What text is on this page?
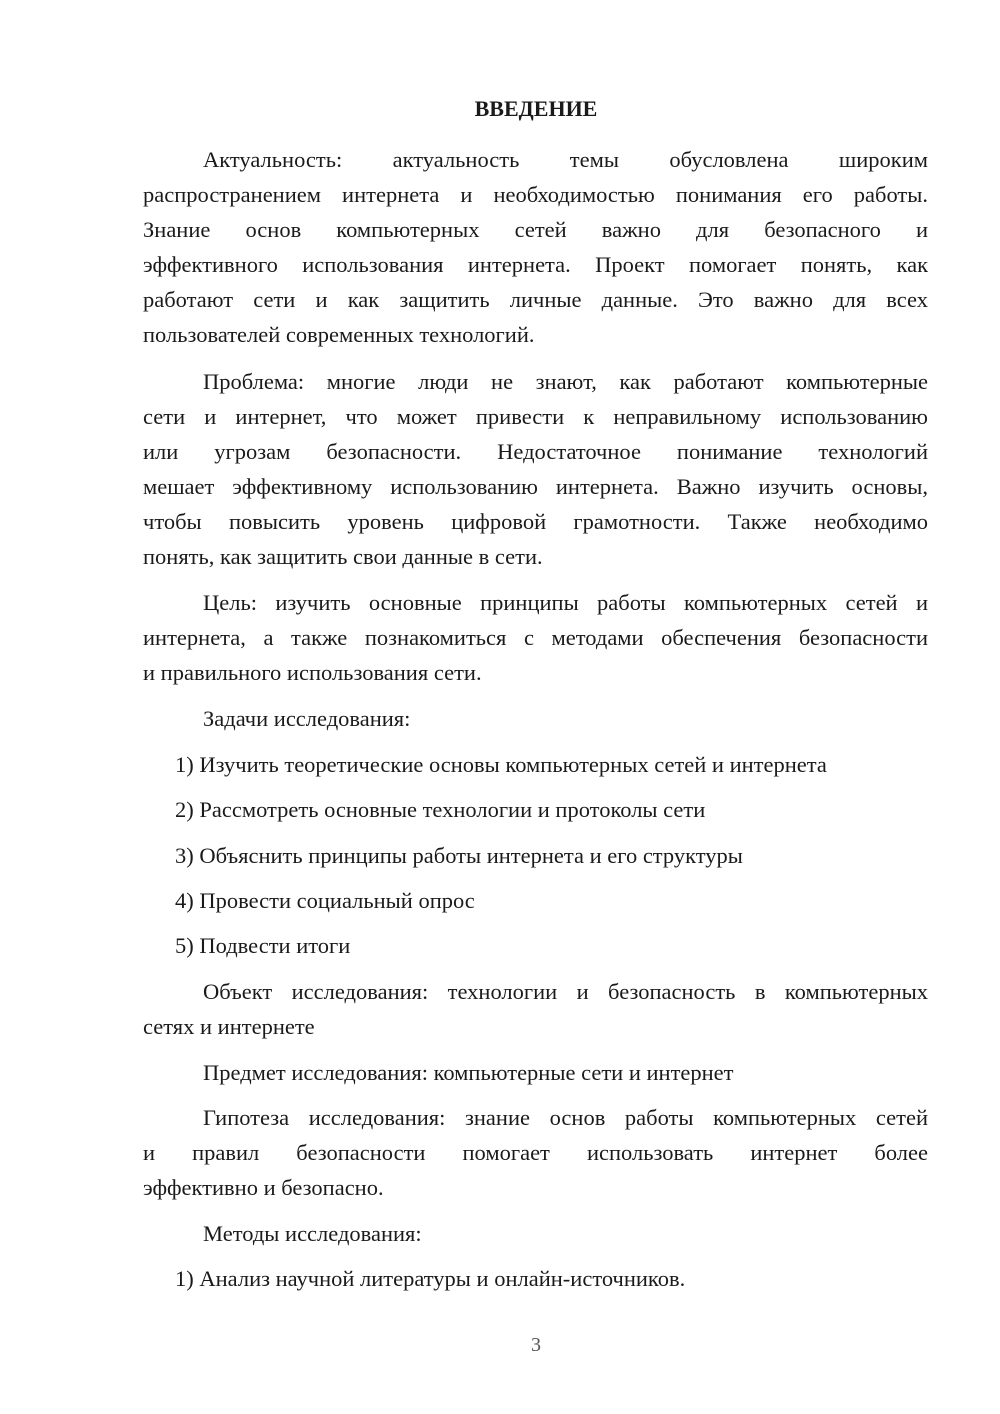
ВВЕДЕНИЕ
Актуальность: актуальность темы обусловлена широким
распространением интернета и необходимостью понимания его работы.
Знание основ компьютерных сетей важно для безопасного и
эффективного использования интернета. Проект помогает понять, как
работают сети и как защитить личные данные. Это важно для всех
пользователей современных технологий.
Проблема: многие люди не знают, как работают компьютерные
сети и интернет, что может привести к неправильному использованию
или угрозам безопасности. Недостаточное понимание технологий
мешает эффективному использованию интернета. Важно изучить основы,
чтобы повысить уровень цифровой грамотности. Также необходимо
понять, как защитить свои данные в сети.
Цель: изучить основные принципы работы компьютерных сетей и
интернета, а также познакомиться с методами обеспечения безопасности
и правильного использования сети.
Задачи исследования:
1) Изучить теоретические основы компьютерных сетей и интернета
2) Рассмотреть основные технологии и протоколы сети
3) Объяснить принципы работы интернета и его структуры
4) Провести социальный опрос
5) Подвести итоги
Объект исследования: технологии и безопасность в компьютерных
сетях и интернете
Предмет исследования: компьютерные сети и интернет
Гипотеза исследования: знание основ работы компьютерных сетей
и правил безопасности помогает использовать интернет более
эффективно и безопасно.
Методы исследования:
1) Анализ научной литературы и онлайн-источников.
3
